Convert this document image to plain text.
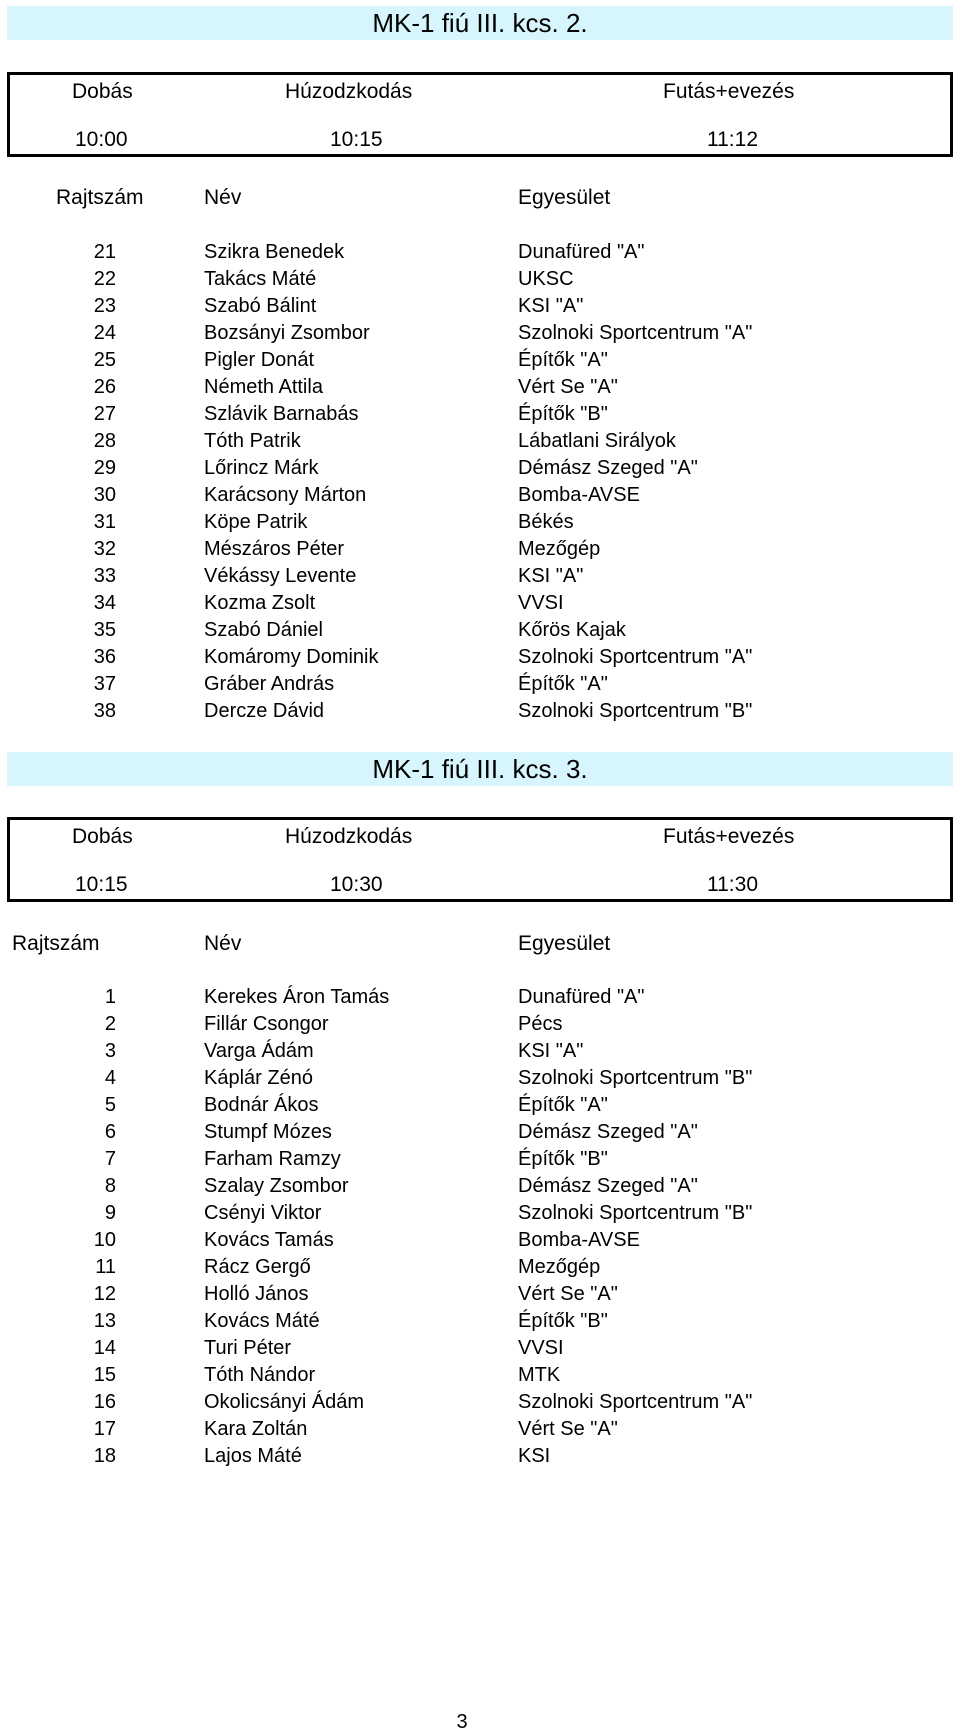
MK-1 fiú III. kcs. 2.
Dobás	Húzodzkodás	Futás+evezés
10:00	10:15	11:12
Rajtszám	Név	Egyesület
21	Szikra Benedek	Dunafüred "A"
22	Takács Máté	UKSC
23	Szabó Bálint	KSI "A"
24	Bozsányi Zsombor	Szolnoki Sportcentrum "A"
25	Pigler Donát	Építők "A"
26	Németh Attila	Vért Se "A"
27	Szlávik Barnabás	Építők "B"
28	Tóth Patrik	Lábatlani Sirályok
29	Lőrincz Márk	Démász Szeged "A"
30	Karácsony Márton	Bomba-AVSE
31	Köpe Patrik	Békés
32	Mészáros Péter	Mezőgép
33	Vékássy Levente	KSI "A"
34	Kozma Zsolt	VVSI
35	Szabó Dániel	Kőrös Kajak
36	Komáromy Dominik	Szolnoki Sportcentrum "A"
37	Gráber András	Építők "A"
38	Dercze Dávid	Szolnoki Sportcentrum "B"
MK-1 fiú III. kcs. 3.
Dobás	Húzodzkodás	Futás+evezés
10:15	10:30	11:30
Rajtszám	Név	Egyesület
1	Kerekes Áron Tamás	Dunafüred "A"
2	Fillár Csongor	Pécs
3	Varga Ádám	KSI "A"
4	Káplár Zénó	Szolnoki Sportcentrum "B"
5	Bodnár Ákos	Építők "A"
6	Stumpf Mózes	Démász Szeged "A"
7	Farham Ramzy	Építők "B"
8	Szalay Zsombor	Démász Szeged "A"
9	Csényi Viktor	Szolnoki Sportcentrum "B"
10	Kovács Tamás	Bomba-AVSE
11	Rácz Gergő	Mezőgép
12	Holló János	Vért Se "A"
13	Kovács Máté	Építők "B"
14	Turi Péter	VVSI
15	Tóth Nándor	MTK
16	Okolicsányi Ádám	Szolnoki Sportcentrum "A"
17	Kara Zoltán	Vért Se "A"
18	Lajos Máté	KSI
3
